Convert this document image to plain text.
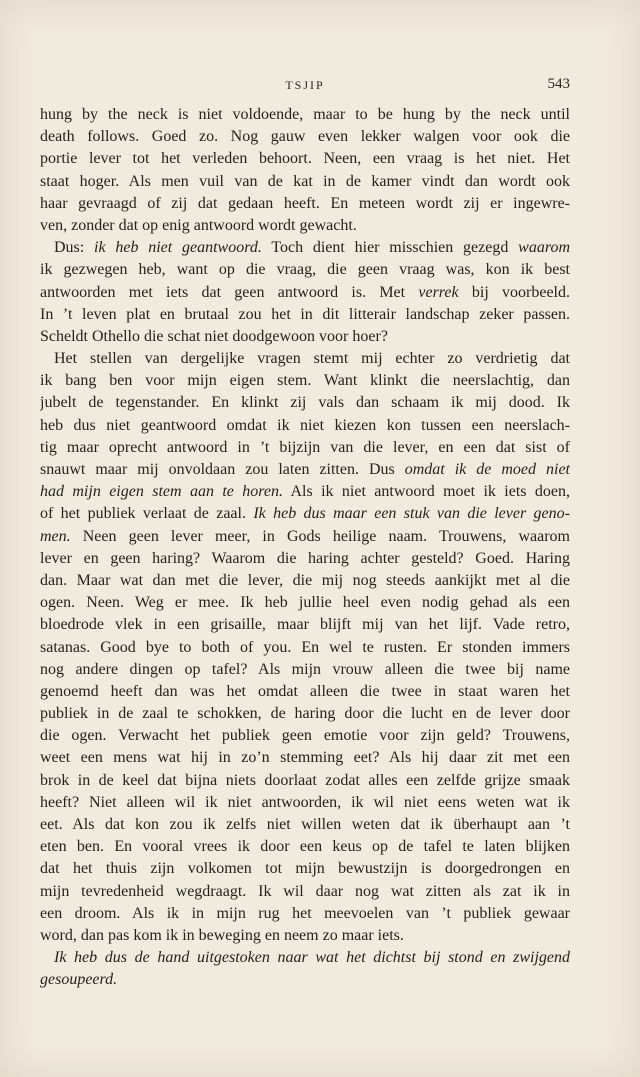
TSJIP	543
hung by the neck is niet voldoende, maar to be hung by the neck until
death follows. Goed zo. Nog gauw even lekker walgen voor ook die
portie lever tot het verleden behoort. Neen, een vraag is het niet. Het
staat hoger. Als men vuil van de kat in de kamer vindt dan wordt ook
haar gevraagd of zij dat gedaan heeft. En meteen wordt zij er ingewre-
ven, zonder dat op enig antwoord wordt gewacht.
Dus: ik heb niet geantwoord. Toch dient hier misschien gezegd waarom
ik gezwegen heb, want op die vraag, die geen vraag was, kon ik best
antwoorden met iets dat geen antwoord is. Met verrek bij voorbeeld.
In ’t leven plat en brutaal zou het in dit litterair landschap zeker passen.
Scheldt Othello die schat niet doodgewoon voor hoer?
Het stellen van dergelijke vragen stemt mij echter zo verdrietig dat
ik bang ben voor mijn eigen stem. Want klinkt die neerslachtig, dan
jubelt de tegenstander. En klinkt zij vals dan schaam ik mij dood. Ik
heb dus niet geantwoord omdat ik niet kiezen kon tussen een neerslach-
tig maar oprecht antwoord in ’t bijzijn van die lever, en een dat sist of
snauwt maar mij onvoldaan zou laten zitten. Dus omdat ik de moed niet
had mijn eigen stem aan te horen. Als ik niet antwoord moet ik iets doen,
of het publiek verlaat de zaal. Ik heb dus maar een stuk van die lever geno-
men. Neen geen lever meer, in Gods heilige naam. Trouwens, waarom
lever en geen haring? Waarom die haring achter gesteld? Goed. Haring
dan. Maar wat dan met die lever, die mij nog steeds aankijkt met al die
ogen. Neen. Weg er mee. Ik heb jullie heel even nodig gehad als een
bloedrode vlek in een grisaille, maar blijft mij van het lijf. Vade retro,
satanas. Good bye to both of you. En wel te rusten. Er stonden immers
nog andere dingen op tafel? Als mijn vrouw alleen die twee bij name
genoemd heeft dan was het omdat alleen die twee in staat waren het
publiek in de zaal te schokken, de haring door die lucht en de lever door
die ogen. Verwacht het publiek geen emotie voor zijn geld? Trouwens,
weet een mens wat hij in zo’n stemming eet? Als hij daar zit met een
brok in de keel dat bijna niets doorlaat zodat alles een zelfde grijze smaak
heeft? Niet alleen wil ik niet antwoorden, ik wil niet eens weten wat ik
eet. Als dat kon zou ik zelfs niet willen weten dat ik überhaupt aan ’t
eten ben. En vooral vrees ik door een keus op de tafel te laten blijken
dat het thuis zijn volkomen tot mijn bewustzijn is doorgedrongen en
mijn tevredenheid wegdraagt. Ik wil daar nog wat zitten als zat ik in
een droom. Als ik in mijn rug het meevoelen van ’t publiek gewaar
word, dan pas kom ik in beweging en neem zo maar iets.
Ik heb dus de hand uitgestoken naar wat het dichtst bij stond en zwijgend
gesoupeerd.
